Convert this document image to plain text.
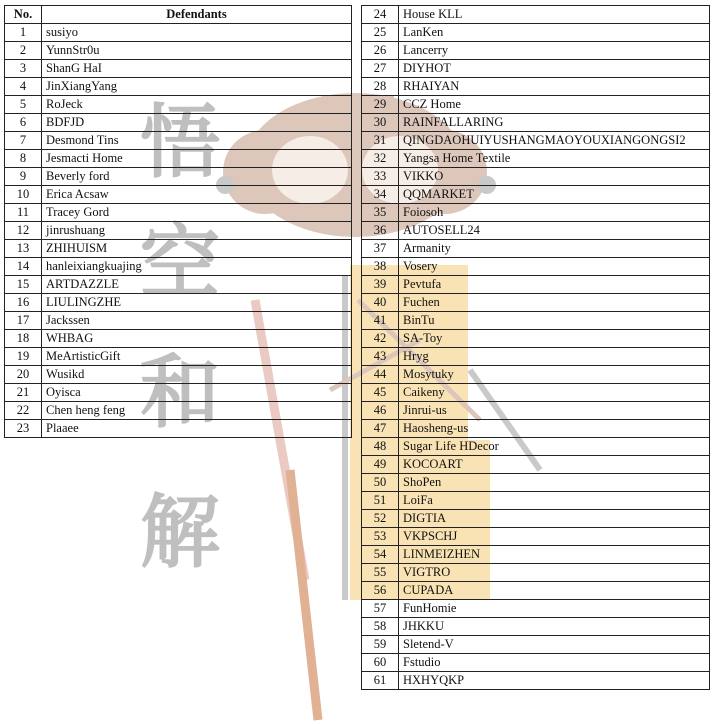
悟
空
和
解
No.	Defendants
1	susiyo
2	YunnStr0u
3	ShanG HaI
4	JinXiangYang
5	RoJeck
6	BDFJD
7	Desmond Tins
8	Jesmacti Home
9	Beverly ford
10	Erica Acsaw
11	Tracey Gord
12	jinrushuang
13	ZHIHUISM
14	hanleixiangkuajing
15	ARTDAZZLE
16	LIULINGZHE
17	Jackssen
18	WHBAG
19	MeArtisticGift
20	Wusikd
21	Oyisca
22	Chen heng feng
23	Plaaee
24	House KLL
25	LanKen
26	Lancerry
27	DIYHOT
28	RHAIYAN
29	CCZ Home
30	RAINFALLARING
31	QINGDAOHUIYUSHANGMAOYOUXIANGONGSI2
32	Yangsa Home Textile
33	VIKKO
34	QQMARKET
35	Foiosoh
36	AUTOSELL24
37	Armanity
38	Vosery
39	Pevtufa
40	Fuchen
41	BinTu
42	SA-Toy
43	Hryg
44	Mosytuky
45	Caikeny
46	Jinrui-us
47	Haosheng-us
48	Sugar Life HDecor
49	KOCOART
50	ShoPen
51	LoiFa
52	DIGTIA
53	VKPSCHJ
54	LINMEIZHEN
55	VIGTRO
56	CUPADA
57	FunHomie
58	JHKKU
59	Sletend-V
60	Fstudio
61	HXHYQKP
